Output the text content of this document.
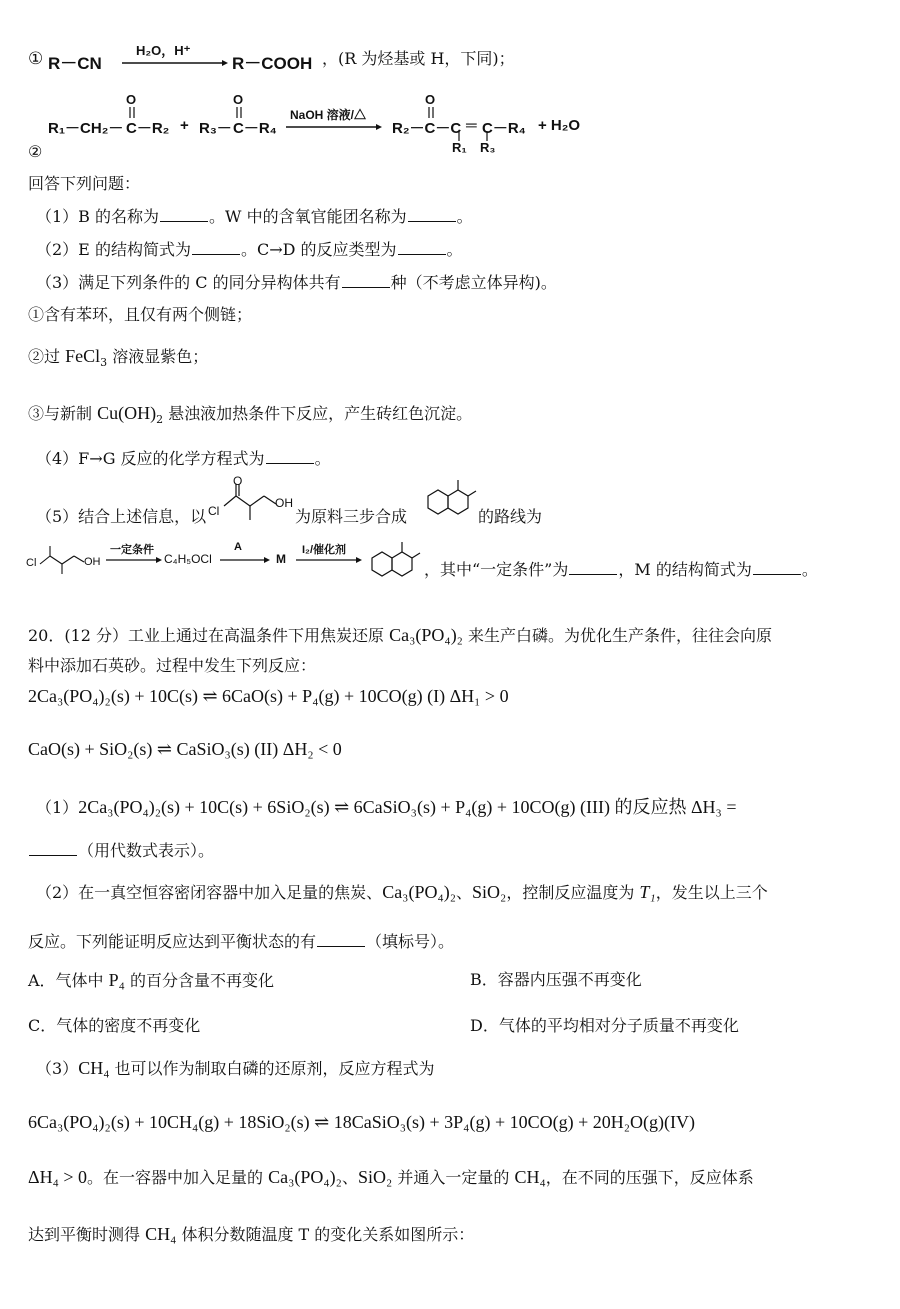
① R－CN
H₂O，H⁺
R－COOH ，(R 为烃基或 H，下同)；
R₁－CH₂－
O
C－R₂ + R₃－
O
C－R₄
NaOH 溶液/△
R₂－C－C
O
═ C－R₄
R₁ R₃
+ H₂O
②
回答下列问题：
（1）B 的名称为	。W 中的含氧官能团名称为	。
（2）E 的结构简式为	。C→D 的反应类型为	。
（3）满足下列条件的 C 的同分异构体共有	种（不考虑立体异构)。
①含有苯环，且仅有两个侧链；
②过 FeCl$_3$ 溶液显紫色；
③与新制 $Cu(OH)_2$ 悬浊液加热条件下反应，产生砖红色沉淀。
（4）F→G 反应的化学方程式为	。
（5）结合上述信息，以 Cl
O
OH
为原料三步合成	的路线为
Cl	OH
一定条件
C₄H₅OCl
A
M
I₂/催化剂
，其中“一定条件”为	，M 的结构简式为	。
20．(12 分）工业上通过在高温条件下用焦炭还原 Ca₃(PO₄)₂ 来生产白磷。为优化生产条件，往往会向原
料中添加石英砂。过程中发生下列反应：
2Ca₃(PO₄)₂(s) + 10C(s) ⇌ 6CaO(s) + P₄(g) + 10CO(g) (I) ΔH₁ > 0
CaO(s) + SiO₂(s) ⇌ CaSiO₃(s) (II) ΔH₂ < 0
（1）2Ca₃(PO₄)₂(s) + 10C(s) + 6SiO₂(s) ⇌ 6CaSiO₃(s) + P₄(g) + 10CO(g) (III) 的反应热 ΔH₃ =
（用代数式表示）。
（2）在一真空恒容密闭容器中加入足量的焦炭、Ca₃(PO₄)₂、SiO₂，控制反应温度为 T₁，发生以上三个
反应。下列能证明反应达到平衡状态的有	（填标号）。
A．气体中 P₄ 的百分含量不再变化	B．容器内压强不再变化
C．气体的密度不再变化	D．气体的平均相对分子质量不再变化
（3）CH₄ 也可以作为制取白磷的还原剂，反应方程式为
6Ca₃(PO₄)₂(s) + 10CH₄(g) + 18SiO₂(s) ⇌ 18CaSiO₃(s) + 3P₄(g) + 10CO(g) + 20H₂O(g)(IV)
ΔH₄ > 0。在一容器中加入足量的 Ca₃(PO₄)₂、SiO₂ 并通入一定量的 CH₄，在不同的压强下，反应体系
达到平衡时测得 CH₄ 体积分数随温度 T 的变化关系如图所示：
